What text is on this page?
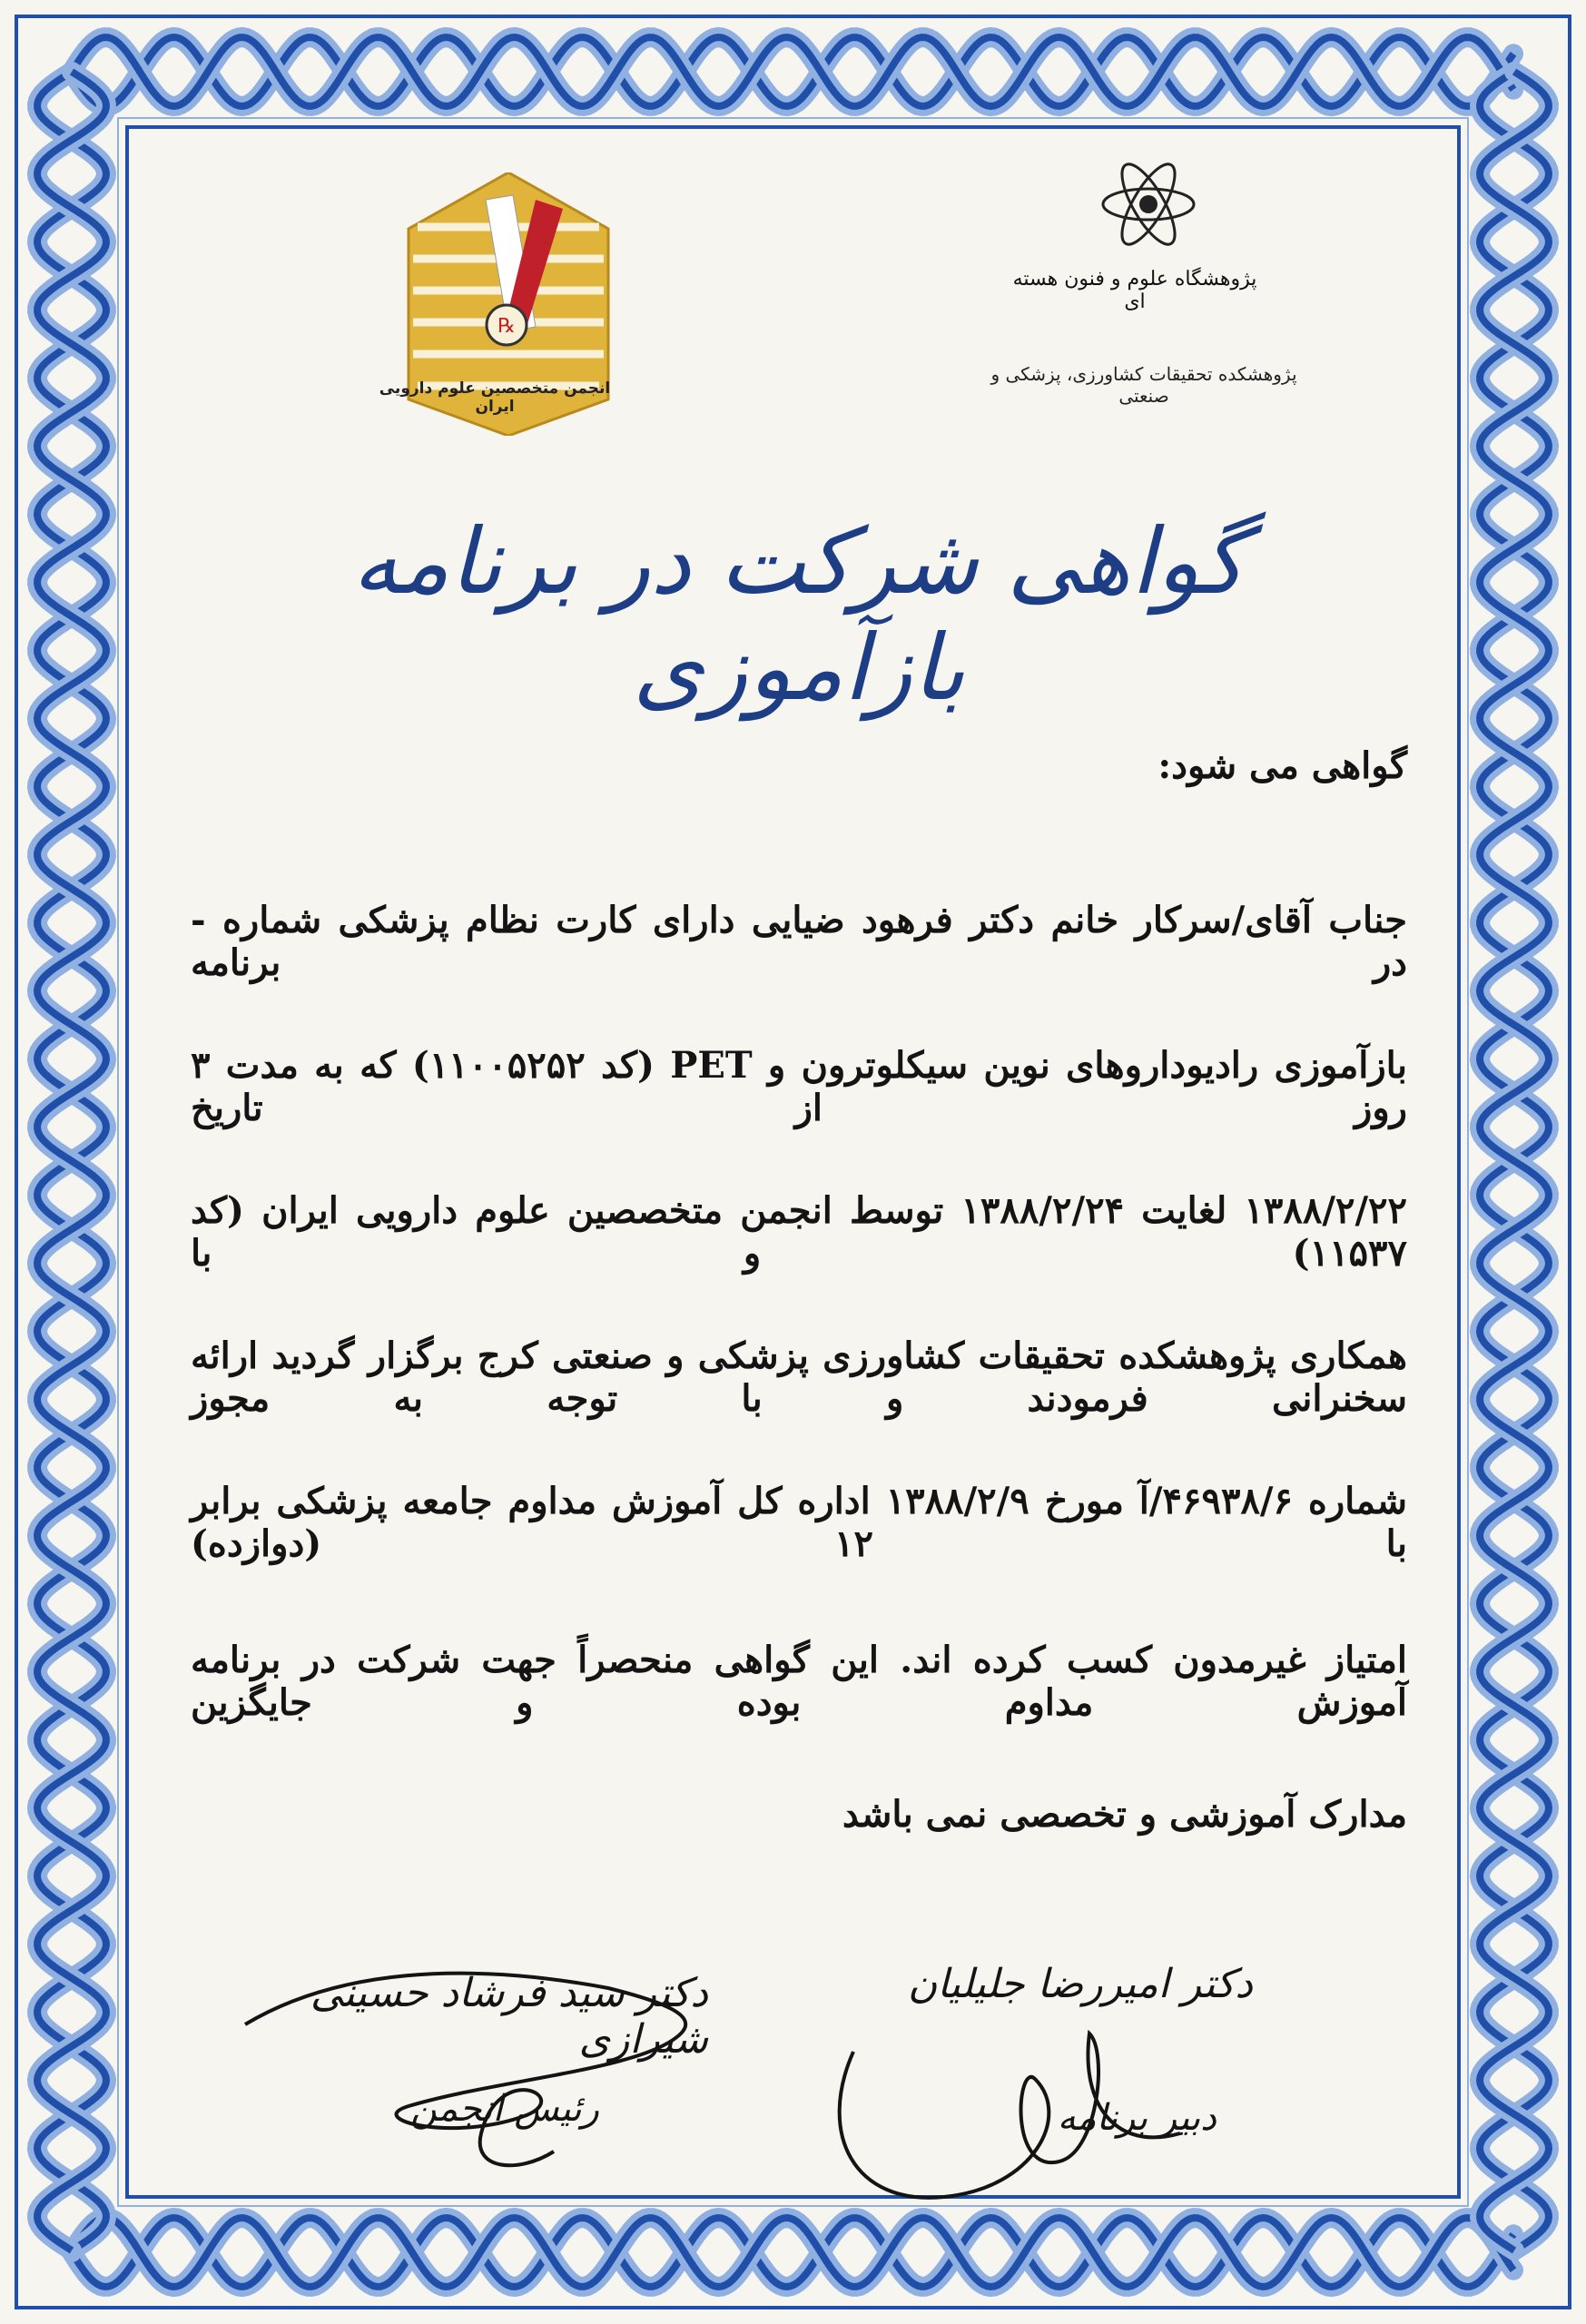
℞
انجمن متخصصین علوم دارویی ایران
پژوهشگاه علوم و فنون هسته ای
پژوهشکده تحقیقات کشاورزی، پزشکی و صنعتی
گواهی شرکت در برنامه بازآموزی
گواهی می شود:
جناب آقای/سرکار خانم دکتر فرهود ضیایی دارای کارت نظام پزشکی شماره - در برنامه
بازآموزی رادیوداروهای نوین سیکلوترون و PET (کد ۱۱۰۰۵۲۵۲) که به مدت ۳ روز از تاریخ
۱۳۸۸/۲/۲۲ لغایت ۱۳۸۸/۲/۲۴ توسط انجمن متخصصین علوم دارویی ایران (کد ۱۱۵۳۷) و با
همکاری پژوهشکده تحقیقات کشاورزی پزشکی و صنعتی کرج برگزار گردید ارائه سخنرانی فرمودند و با توجه به مجوز
شماره ۴۶۹۳۸/۶/آ مورخ ۱۳۸۸/۲/۹ اداره کل آموزش مداوم جامعه پزشکی برابر با ۱۲ (دوازده)
امتیاز غیرمدون کسب کرده اند. این گواهی منحصراً جهت شرکت در برنامه آموزش مداوم بوده و جایگزین
مدارک آموزشی و تخصصی نمی باشد
دکتر سید فرشاد حسینی شیرازی
رئیس انجمن
دکتر امیررضا جلیلیان
دبیر برنامه
